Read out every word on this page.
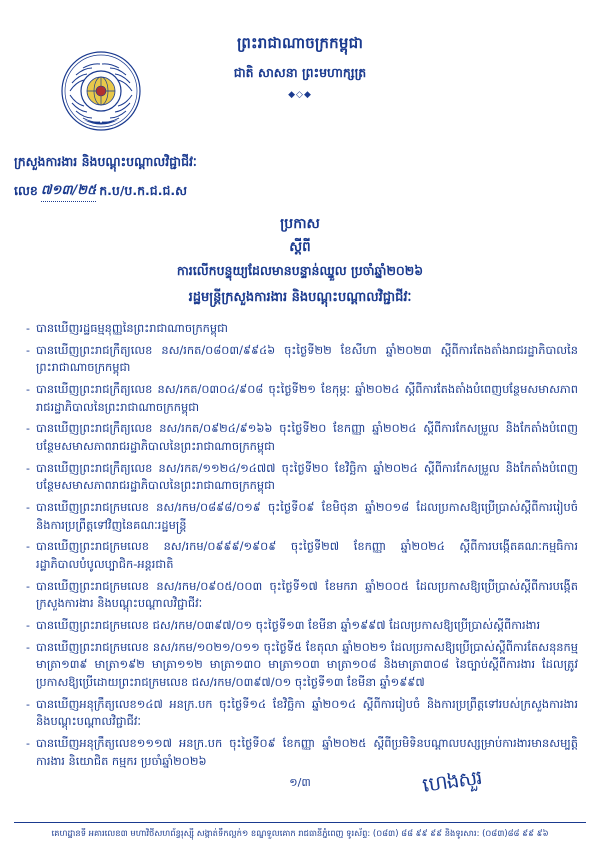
ព្រះរាជាណាចក្រកម្ពុជា
ជាតិ សាសនា ព្រះមហាក្សត្រ
◆◇◆
ក្រសួងការងារ និងបណ្តុះបណ្តាលវិជ្ជាជីវៈ
លេខ ៧១៣/២៥ ក.ប/ប.ក.ជ.ជ.ស
ប្រកាស
ស្ដីពី
ការលេីកបន្ទុយ្យដែលមានបន្ទាន់ឈ្នួល ប្រចាំឆ្នាំ២០២៦
រដ្ឋមន្ត្រីក្រសួងការងារ និងបណ្តុះបណ្តាលវិជ្ជាជីវៈ
- បានឃេីញរដ្ឋធម្មនុញ្ញនៃព្រះរាជាណាចក្រកម្ពុជា
- បានឃេីញព្រះរាជក្រឹត្យលេខ នស/រកត/០៨០៣/៩៩៤៦ ចុះថ្ងៃទី២២ ខែសីហា ឆ្នាំ២០២៣ ស្ដីពីការតែងតាំងរាជរដ្ឋាភិបាលនៃព្រះរាជាណាចក្រកម្ពុជា
- បានឃេីញព្រះរាជក្រឹត្យលេខ នស/រកត/០៣០៤/៩០៨ ចុះថ្ងៃទី២១ ខែកុម្ភៈ ឆ្នាំ២០២៤ ស្ដីពីការតែងតាំងបំពេញបន្ថែមសមាសភាពរាជរដ្ឋាភិបាលនៃព្រះរាជាណាចក្រកម្ពុជា
- បានឃេីញព្រះរាជក្រឹត្យលេខ នស/រកត/០៩២៤/៩១៦៦ ចុះថ្ងៃទី២០ ខែកញ្ញា ឆ្នាំ២០២៤ ស្ដីពីការកែសម្រួល និងកែតាំងបំពេញបន្ថែមសមាសភាពរាជរដ្ឋាភិបាលនៃព្រះរាជាណាចក្រកម្ពុជា
- បានឃេីញព្រះរាជក្រឹត្យលេខ នស/រកត/១១២៤/១៤៧៧ ចុះថ្ងៃទី២០ ខែវិច្ឆិកា ឆ្នាំ២០២៤ ស្ដីពីការកែសម្រួល និងកែតាំងបំពេញបន្ថែមសមាសភាពរាជរដ្ឋាភិបាលនៃព្រះរាជាណាចក្រកម្ពុជា
- បានឃេីញព្រះរាជក្រមលេខ នស/រកម/០៨៩៨/០១៩ ចុះថ្ងៃទី០៩ ខែមិថុនា ឆ្នាំ២០១៨ ដែលប្រកាសឱ្យប្រេីប្រាស់ស្ដីពីការរៀបចំ និងការប្រព្រឹត្តទៅវិញនៃគណៈរដ្ឋមន្ត្រី
- បានឃេីញព្រះរាជក្រមលេខ នស/រកម/០៩៩៩/១៩០៩ ចុះថ្ងៃទី២៧ ខែកញ្ញា ឆ្នាំ២០២៤ ស្ដីពីការបង្កេីតគណៈកម្មធិការរដ្ឋាភិបាលបំបូលប្បាជិក-អន្តរជាតិ
- បានឃេីញព្រះរាជក្រមលេខ នស/រកម/០៩០៥/០០៣ ចុះថ្ងៃទី១៧ ខែមករា ឆ្នាំ២០០៥ ដែលប្រកាសឱ្យប្រេីប្រាស់ស្ដីពីការបង្កេីតក្រសួងការងារ និងបណ្តុះបណ្តាលវិជ្ជាជីវៈ
- បានឃេីញព្រះរាជក្រមលេខ ជស/រកម/០៣៩៧/០១ ចុះថ្ងៃទី១៣ ខែមីនា ឆ្នាំ១៩៩៧ ដែលប្រកាសឱ្យប្រេីប្រាស់ស្ដីពីការងារ
- បានឃេីញព្រះរាជក្រមលេខ នស/រកម/១០២១/០១១ ចុះថ្ងៃទី៥ ខែតុលា ឆ្នាំ២០២១ ដែលប្រកាសឱ្យប្រេីប្រាស់ស្ដីពីការតែសនុនកម្មមាត្រា១៣៩ មាត្រា១៩២ មាត្រា១១២ មាត្រា១៣០ មាត្រា១០៣ មាត្រា១០៨ និងមាត្រា៣០៨ នៃច្បាប់ស្ដីពីការងារ ដែលត្រូវប្រកាសឱ្យប្រេីដោយព្រះរាជក្រមលេខ ជស/រកម/០៣៩៧/០១ ចុះថ្ងៃទី១៣ ខែមីនា ឆ្នាំ១៩៩៧
- បានឃេីញអនុក្រឹត្យលេខ១៤៧ អនក្រ.បក ចុះថ្ងៃទី១៤ ខែវិច្ឆិកា ឆ្នាំ២០១៤ ស្ដីពីការរៀបចំ និងការប្រព្រឹត្តទៅរបស់ក្រសួងការងារ និងបណ្តុះបណ្តាលវិជ្ជាជីវៈ
- បានឃេីញអនុក្រឹត្យលេខ១១១៧ អនក្រ.បក ចុះថ្ងៃទី០៩ ខែកញ្ញា ឆ្នាំ២០២៥ ស្ដីពីប្រមិទិនបណ្តាលបស្សម្រាប់ការងារមានសម្បត្តិការងារ និយោជិត កម្មករ ប្រចាំឆ្នាំ២០២៦
១/៣	ហេងសួរ
គេហដ្ឋានទី អគារលេខ៣ មហាវិថីសហព័ន្ធរុស្ស៊ី សង្កាត់ទឹកល្អក់១ ខណ្ឌទួលគោក រាជធានីភ្នំពេញ ទូរស័ព្ទ: (០៨៣) ៨៨ ៩៩ ៩៩ និងទូរសារ: (០៨៣)៨៨ ៩៩ ៩៦
